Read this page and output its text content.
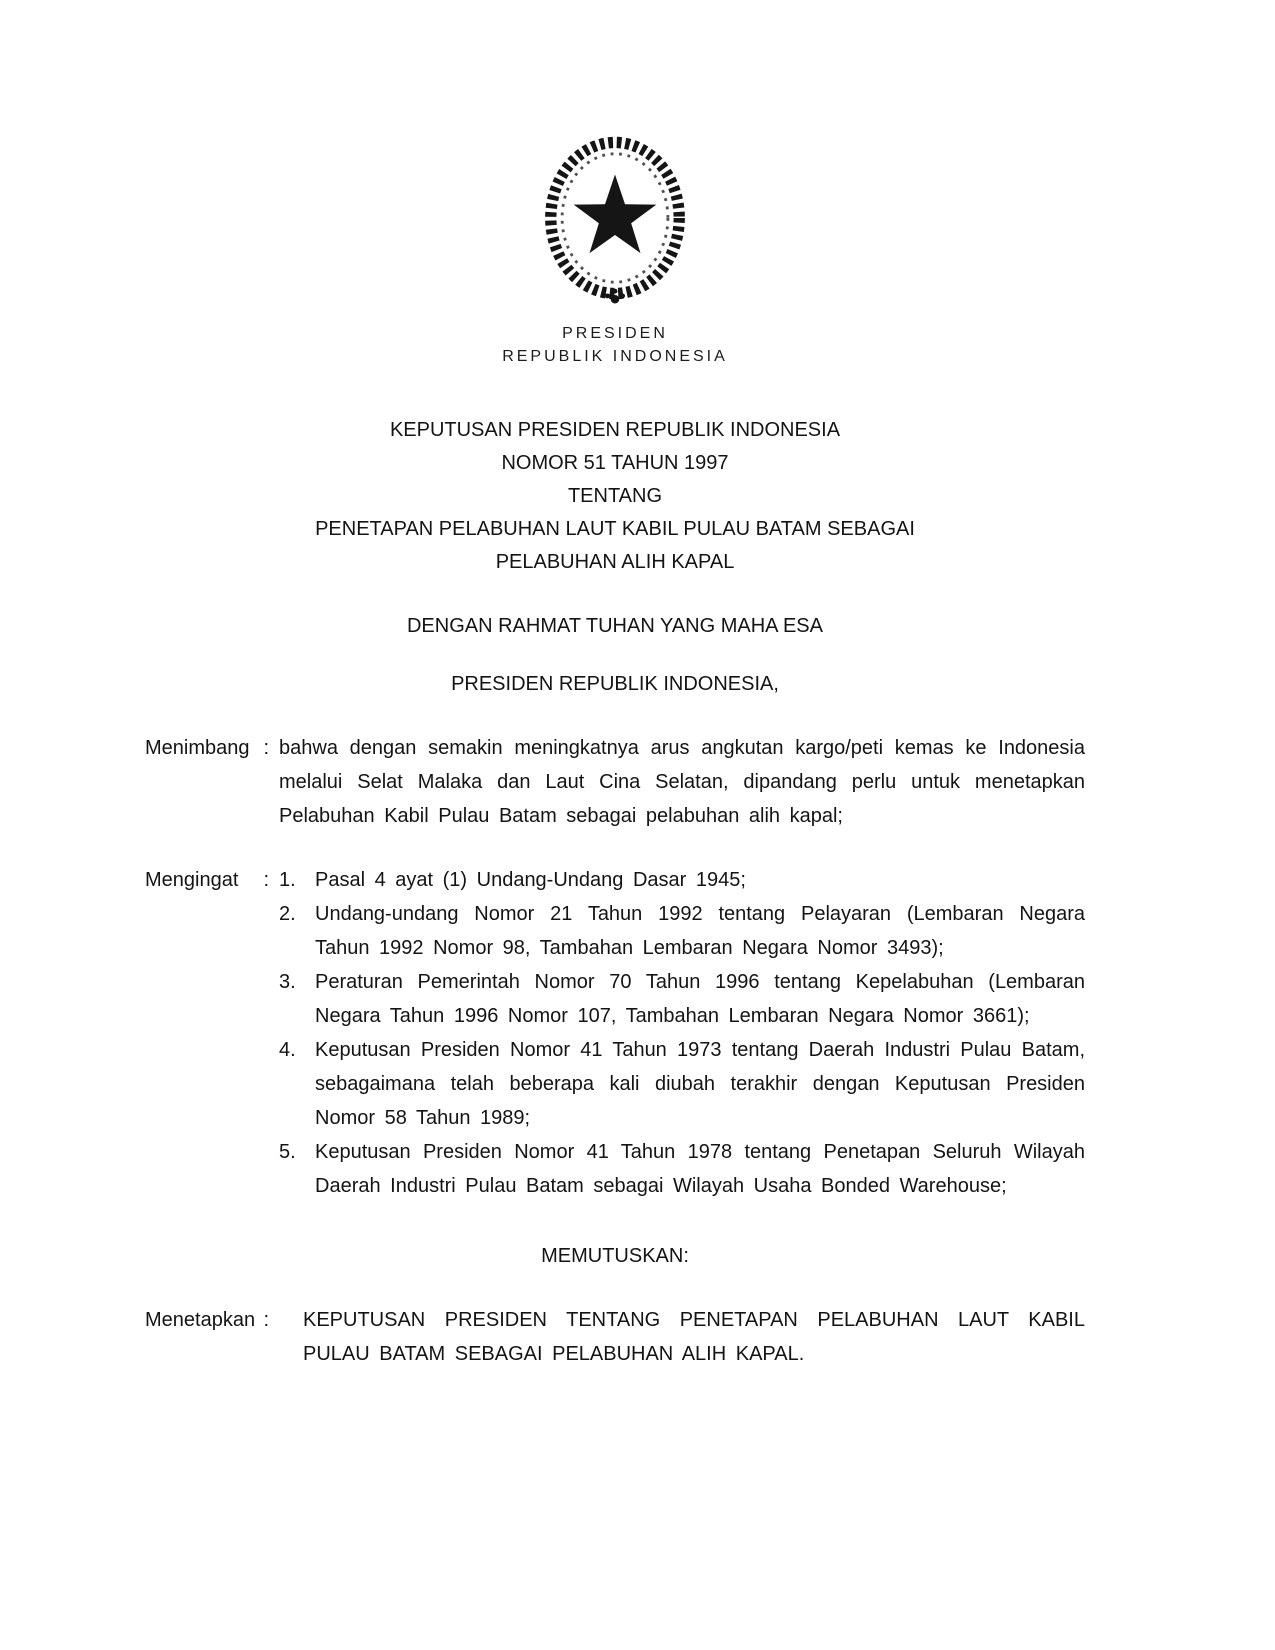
PRESIDEN
REPUBLIK INDONESIA
KEPUTUSAN PRESIDEN REPUBLIK INDONESIA
NOMOR 51 TAHUN 1997
TENTANG
PENETAPAN PELABUHAN LAUT KABIL PULAU BATAM SEBAGAI
PELABUHAN ALIH KAPAL

DENGAN RAHMAT TUHAN YANG MAHA ESA

PRESIDEN REPUBLIK INDONESIA,

Menimbang : bahwa dengan semakin meningkatnya arus angkutan kargo/peti kemas ke Indonesia melalui Selat Malaka dan Laut Cina Selatan, dipandang perlu untuk menetapkan Pelabuhan Kabil Pulau Batam sebagai pelabuhan alih kapal;
Mengingat : 1. Pasal 4 ayat (1) Undang-Undang Dasar 1945;
2. Undang-undang Nomor 21 Tahun 1992 tentang Pelayaran (Lembaran Negara Tahun 1992 Nomor 98, Tambahan Lembaran Negara Nomor 3493);
3. Peraturan Pemerintah Nomor 70 Tahun 1996 tentang Kepelabuhan (Lembaran Negara Tahun 1996 Nomor 107, Tambahan Lembaran Negara Nomor 3661);
4. Keputusan Presiden Nomor 41 Tahun 1973 tentang Daerah Industri Pulau Batam, sebagaimana telah beberapa kali diubah terakhir dengan Keputusan Presiden Nomor 58 Tahun 1989;
5. Keputusan Presiden Nomor 41 Tahun 1978 tentang Penetapan Seluruh Wilayah Daerah Industri Pulau Batam sebagai Wilayah Usaha Bonded Warehouse;

MEMUTUSKAN:

Menetapkan :	KEPUTUSAN PRESIDEN TENTANG PENETAPAN PELABUHAN LAUT KABIL PULAU BATAM SEBAGAI PELABUHAN ALIH KAPAL.
